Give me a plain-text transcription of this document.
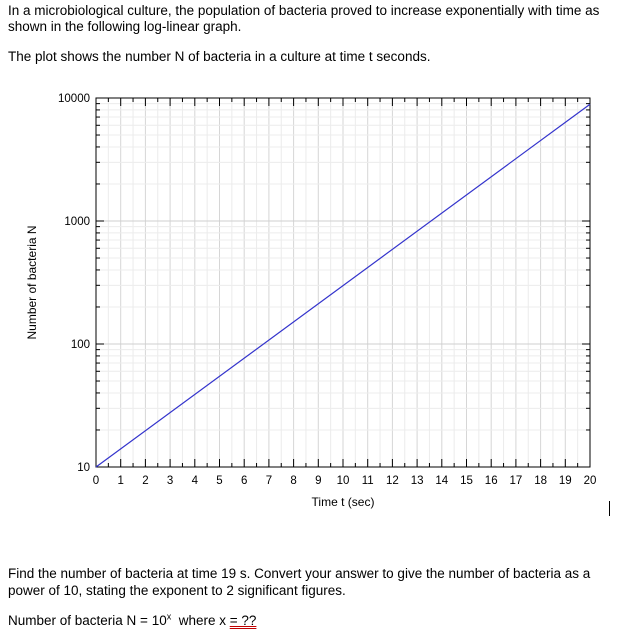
In a microbiological culture, the population of bacteria proved to increase exponentially with time as shown in the following log-linear graph.
The plot shows the number N of bacteria in a culture at time t seconds.
0 1 2 3 4 5 6 7 8 9 10 11 12 13 14 15 16 17 18 19 20
10
100
1000
10000
Time t (sec)
Number of bacteria N
Find the number of bacteria at time 19 s. Convert your answer to give the number of bacteria as a power of 10, stating the exponent to 2 significant figures.
Number of bacteria $N = 10^x$  where x = ??
